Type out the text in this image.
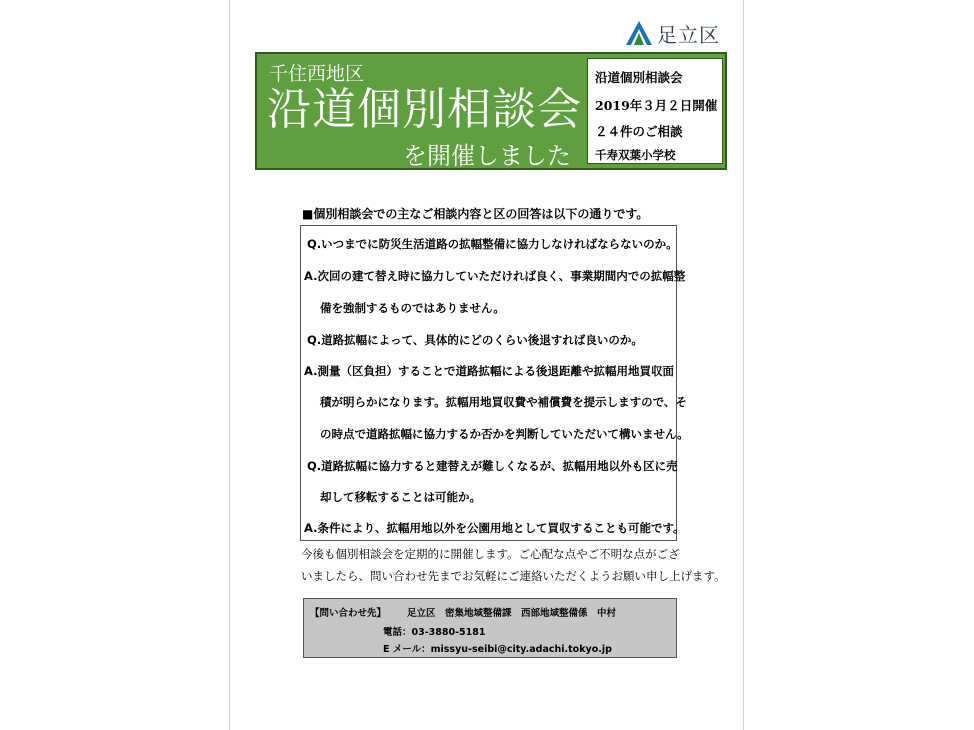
足立区
千住西地区
沿道個別相談会
を開催しました
沿道個別相談会
2019年３月２日開催
２４件のご相談
千寿双葉小学校
■個別相談会での主なご相談内容と区の回答は以下の通りです。
Q.いつまでに防災生活道路の拡幅整備に協力しなければならないのか。
A.次回の建て替え時に協力していただければ良く、事業期間内での拡幅整
備を強制するものではありません。
Q.道路拡幅によって、具体的にどのくらい後退すれば良いのか。
A.測量（区負担）することで道路拡幅による後退距離や拡幅用地買収面
積が明らかになります。拡幅用地買収費や補償費を提示しますので、そ
の時点で道路拡幅に協力するか否かを判断していただいて構いません。
Q.道路拡幅に協力すると建替えが難しくなるが、拡幅用地以外も区に売
却して移転することは可能か。
A.条件により、拡幅用地以外を公園用地として買収することも可能です。
今後も個別相談会を定期的に開催します。ご心配な点やご不明な点がござ
いましたら、問い合わせ先までお気軽にご連絡いただくようお願い申し上げます。
【問い合わせ先】 足立区　密集地域整備課　西部地域整備係　中村
電話：03-3880-5181
E メール：missyu-seibi@city.adachi.tokyo.jp
